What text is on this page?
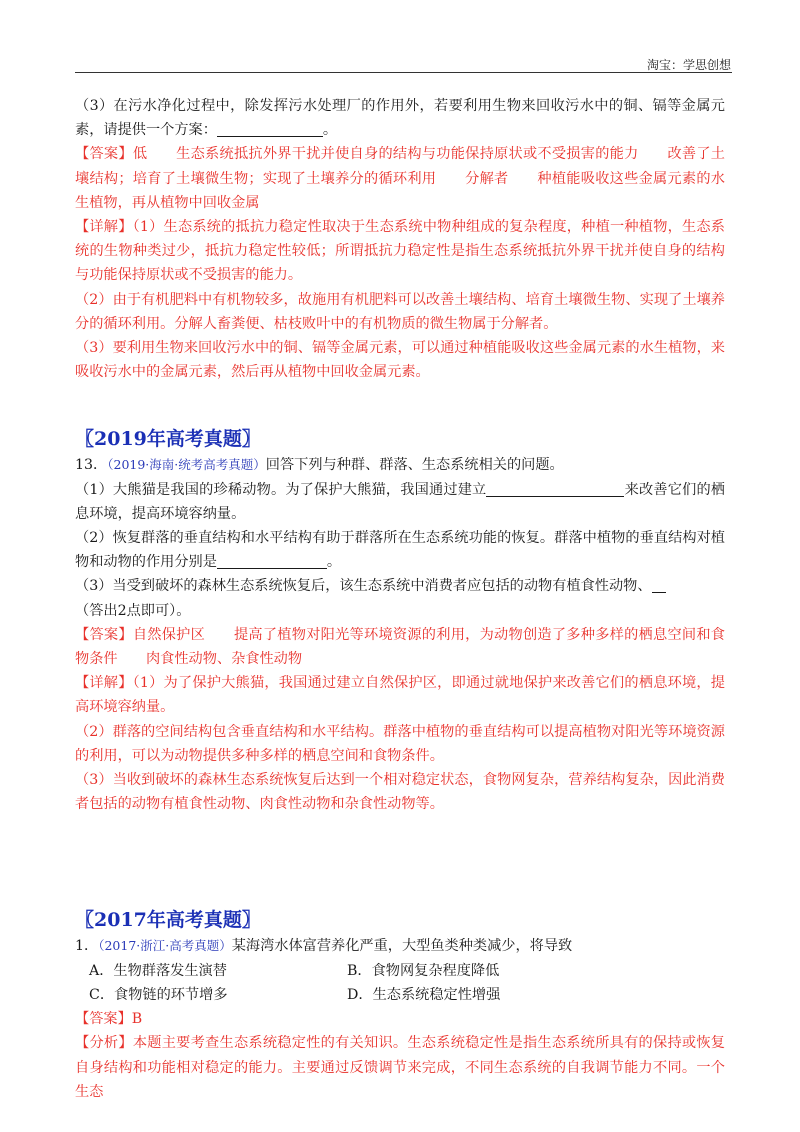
淘宝：学思创想

（3）在污水净化过程中，除发挥污水处理厂的作用外，若要利用生物来回收污水中的铜、镉等金属元素，请提供一个方案：	。

【答案】低　　生态系统抵抗外界干扰并使自身的结构与功能保持原状或不受损害的能力　　改善了土壤结构；培育了土壤微生物；实现了土壤养分的循环利用　　分解者　　种植能吸收这些金属元素的水生植物，再从植物中回收金属

【详解】（1）生态系统的抵抗力稳定性取决于生态系统中物种组成的复杂程度，种植一种植物，生态系统的生物种类过少，抵抗力稳定性较低；所谓抵抗力稳定性是指生态系统抵抗外界干扰并使自身的结构与功能保持原状或不受损害的能力。

（2）由于有机肥料中有机物较多，故施用有机肥料可以改善土壤结构、培育土壤微生物、实现了土壤养分的循环利用。分解人畜粪便、枯枝败叶中的有机物质的微生物属于分解者。

（3）要利用生物来回收污水中的铜、镉等金属元素，可以通过种植能吸收这些金属元素的水生植物，来吸收污水中的金属元素，然后再从植物中回收金属元素。

〖2019年高考真题〗

13．（2019·海南·统考高考真题）回答下列与种群、群落、生态系统相关的问题。

（1）大熊猫是我国的珍稀动物。为了保护大熊猫，我国通过建立	来改善它们的栖息环境，提高环境容纳量。

（2）恢复群落的垂直结构和水平结构有助于群落所在生态系统功能的恢复。群落中植物的垂直结构对植物和动物的作用分别是	。

（3）当受到破坏的森林生态系统恢复后，该生态系统中消费者应包括的动物有植食性动物、
（答出2点即可）。

【答案】自然保护区　　提高了植物对阳光等环境资源的利用，为动物创造了多种多样的栖息空间和食物条件　　肉食性动物、杂食性动物

【详解】（1）为了保护大熊猫，我国通过建立自然保护区，即通过就地保护来改善它们的栖息环境，提高环境容纳量。

（2）群落的空间结构包含垂直结构和水平结构。群落中植物的垂直结构可以提高植物对阳光等环境资源的利用，可以为动物提供多种多样的栖息空间和食物条件。

（3）当收到破坏的森林生态系统恢复后达到一个相对稳定状态，食物网复杂，营养结构复杂，因此消费者包括的动物有植食性动物、肉食性动物和杂食性动物等。

〖2017年高考真题〗

1．（2017·浙江·高考真题）某海湾水体富营养化严重，大型鱼类种类减少，将导致

A．生物群落发生演替	B．食物网复杂程度降低
C．食物链的环节增多	D．生态系统稳定性增强

【答案】B

【分析】本题主要考查生态系统稳定性的有关知识。生态系统稳定性是指生态系统所具有的保持或恢复自身结构和功能相对稳定的能力。主要通过反馈调节来完成，不同生态系统的自我调节能力不同。一个生态
